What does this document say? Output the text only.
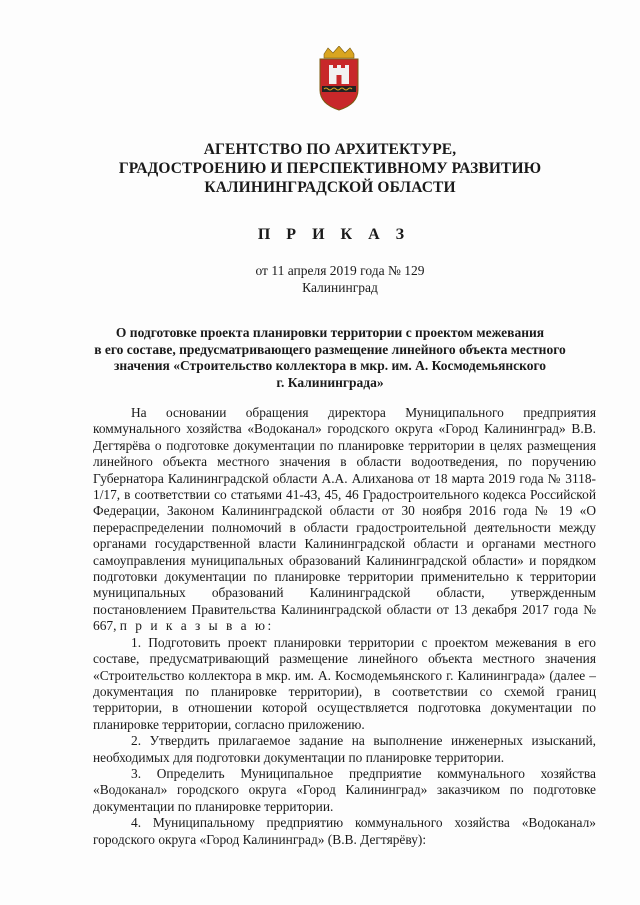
АГЕНТСТВО ПО АРХИТЕКТУРЕ,
ГРАДОСТРОЕНИЮ И ПЕРСПЕКТИВНОМУ РАЗВИТИЮ
КАЛИНИНГРАДСКОЙ ОБЛАСТИ
П Р И К А З
от 11 апреля 2019 года № 129
Калининград
О подготовке проекта планировки территории с проектом межевания
в его составе, предусматривающего размещение линейного объекта местного
значения «Строительство коллектора в мкр. им. А. Космодемьянского
г. Калининграда»

На основании обращения директора Муниципального предприятия коммунального хозяйства «Водоканал» городского округа «Город Калининград» В.В. Дегтярёва о подготовке документации по планировке территории в целях размещения линейного объекта местного значения в области водоотведения, по поручению Губернатора Калининградской области А.А. Алиханова от 18 марта 2019 года № 3118-1/17, в соответствии со статьями 41-43, 45, 46 Градостроительного кодекса Российской Федерации, Законом Калининградской области от 30 ноября 2016 года № 19 «О перераспределении полномочий в области градостроительной деятельности между органами государственной власти Калининградской области и органами местного самоуправления муниципальных образований Калининградской области» и порядком подготовки документации по планировке территории применительно к территории муниципальных образований Калининградской области, утвержденным постановлением Правительства Калининградской области от 13 декабря 2017 года № 667, п р и к а з ы в а ю:

1. Подготовить проект планировки территории с проектом межевания в его составе, предусматривающий размещение линейного объекта местного значения «Строительство коллектора в мкр. им. А. Космодемьянского г. Калининграда» (далее – документация по планировке территории), в соответствии со схемой границ территории, в отношении которой осуществляется подготовка документации по планировке территории, согласно приложению.

2. Утвердить прилагаемое задание на выполнение инженерных изысканий, необходимых для подготовки документации по планировке территории.

3. Определить Муниципальное предприятие коммунального хозяйства «Водоканал» городского округа «Город Калининград» заказчиком по подготовке документации по планировке территории.

4. Муниципальному предприятию коммунального хозяйства «Водоканал» городского округа «Город Калининград» (В.В. Дегтярёву):
